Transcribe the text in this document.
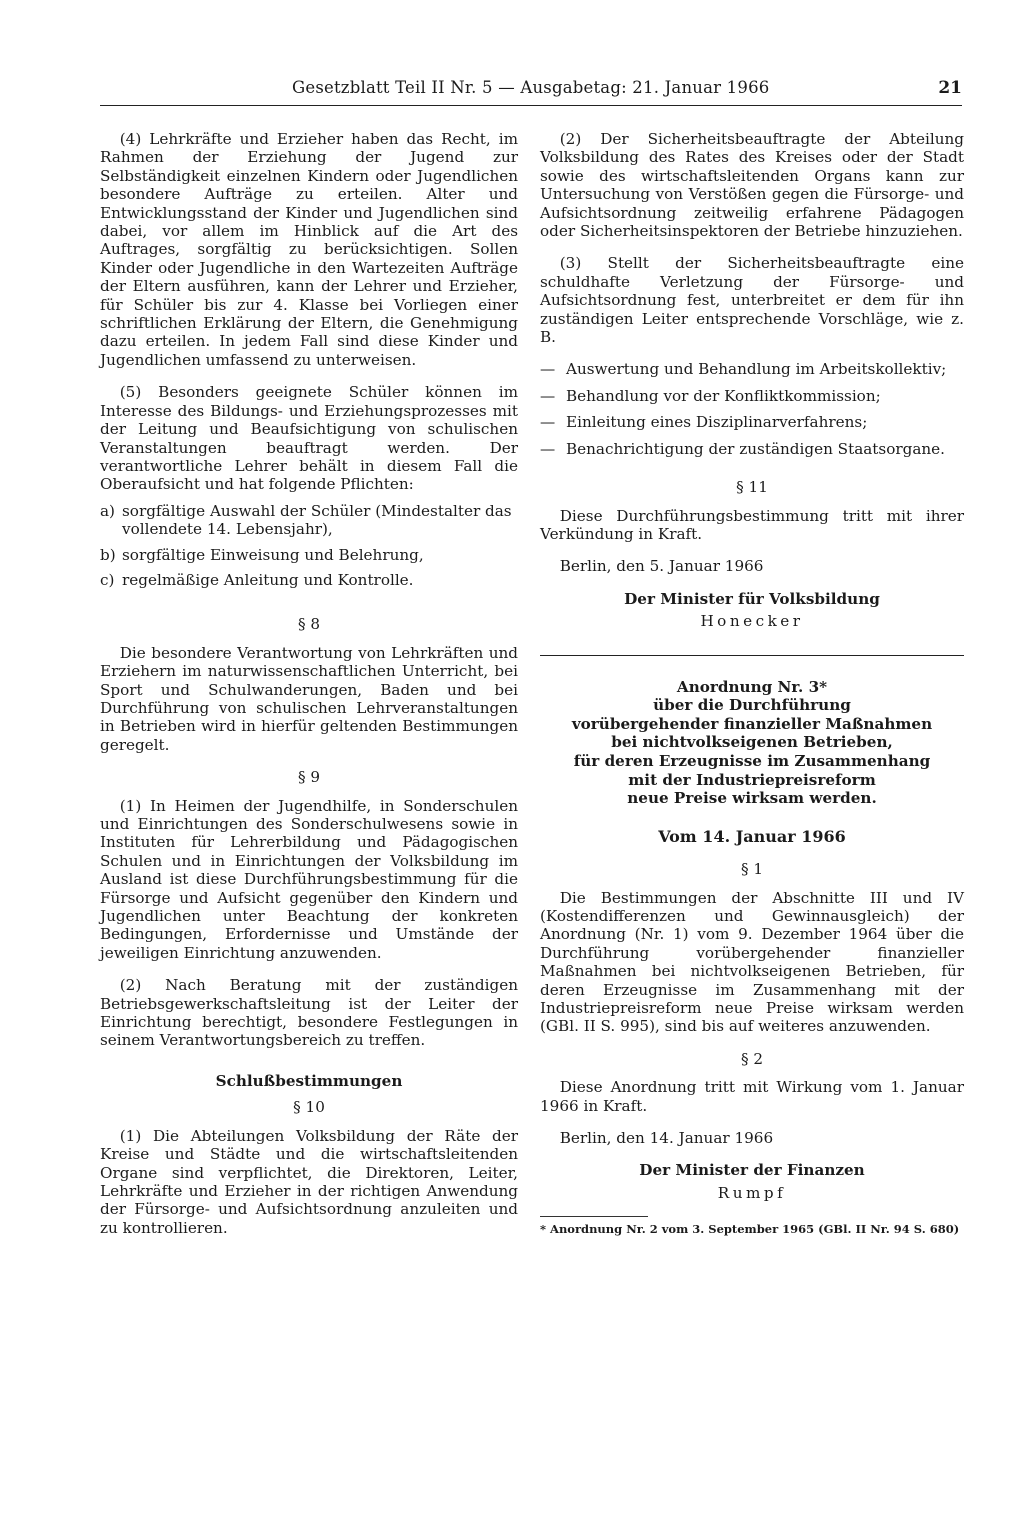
Gesetzblatt Teil II Nr. 5 — Ausgabetag: 21. Januar 1966	21

(4) Lehrkräfte und Erzieher haben das Recht, im Rahmen der Erziehung der Jugend zur Selbständigkeit einzelnen Kindern oder Jugendlichen besondere Aufträge zu erteilen. Alter und Entwicklungsstand der Kinder und Jugendlichen sind dabei, vor allem im Hinblick auf die Art des Auftrages, sorgfältig zu berücksichtigen. Sollen Kinder oder Jugendliche in den Wartezeiten Aufträge der Eltern ausführen, kann der Lehrer und Erzieher, für Schüler bis zur 4. Klasse bei Vorliegen einer schriftlichen Erklärung der Eltern, die Genehmigung dazu erteilen. In jedem Fall sind diese Kinder und Jugendlichen umfassend zu unterweisen.

(5) Besonders geeignete Schüler können im Interesse des Bildungs- und Erziehungsprozesses mit der Leitung und Beaufsichtigung von schulischen Veranstaltungen beauftragt werden. Der verantwortliche Lehrer behält in diesem Fall die Oberaufsicht und hat folgende Pflichten:

a) sorgfältige Auswahl der Schüler (Mindestalter das vollendete 14. Lebensjahr),
b) sorgfältige Einweisung und Belehrung,
c) regelmäßige Anleitung und Kontrolle.
§ 8

Die besondere Verantwortung von Lehrkräften und Erziehern im naturwissenschaftlichen Unterricht, bei Sport und Schulwanderungen, Baden und bei Durchführung von schulischen Lehrveranstaltungen in Betrieben wird in hierfür geltenden Bestimmungen geregelt.

§ 9

(1) In Heimen der Jugendhilfe, in Sonderschulen und Einrichtungen des Sonderschulwesens sowie in Instituten für Lehrerbildung und Pädagogischen Schulen und in Einrichtungen der Volksbildung im Ausland ist diese Durchführungsbestimmung für die Fürsorge und Aufsicht gegenüber den Kindern und Jugendlichen unter Beachtung der konkreten Bedingungen, Erfordernisse und Umstände der jeweiligen Einrichtung anzuwenden.

(2) Nach Beratung mit der zuständigen Betriebsgewerkschaftsleitung ist der Leiter der Einrichtung berechtigt, besondere Festlegungen in seinem Verantwortungsbereich zu treffen.

Schlußbestimmungen
§ 10

(1) Die Abteilungen Volksbildung der Räte der Kreise und Städte und die wirtschaftsleitenden Organe sind verpflichtet, die Direktoren, Leiter, Lehrkräfte und Erzieher in der richtigen Anwendung der Fürsorge- und Aufsichtsordnung anzuleiten und zu kontrollieren.

(2) Der Sicherheitsbeauftragte der Abteilung Volksbildung des Rates des Kreises oder der Stadt sowie des wirtschaftsleitenden Organs kann zur Untersuchung von Verstößen gegen die Fürsorge- und Aufsichtsordnung zeitweilig erfahrene Pädagogen oder Sicherheitsinspektoren der Betriebe hinzuziehen.

(3) Stellt der Sicherheitsbeauftragte eine schuldhafte Verletzung der Fürsorge- und Aufsichtsordnung fest, unterbreitet er dem für ihn zuständigen Leiter entsprechende Vorschläge, wie z. B.

— Auswertung und Behandlung im Arbeitskollektiv;
— Behandlung vor der Konfliktkommission;
— Einleitung eines Disziplinarverfahrens;
— Benachrichtigung der zuständigen Staatsorgane.
§ 11

Diese Durchführungsbestimmung tritt mit ihrer Verkündung in Kraft.

Berlin, den 5. Januar 1966

Der Minister für Volksbildung
Honecker
Anordnung Nr. 3*
über die Durchführung
vorübergehender finanzieller Maßnahmen
bei nichtvolkseigenen Betrieben,
für deren Erzeugnisse im Zusammenhang
mit der Industriepreisreform
neue Preise wirksam werden.
Vom 14. Januar 1966
§ 1

Die Bestimmungen der Abschnitte III und IV (Kostendifferenzen und Gewinnausgleich) der Anordnung (Nr. 1) vom 9. Dezember 1964 über die Durchführung vorübergehender finanzieller Maßnahmen bei nichtvolkseigenen Betrieben, für deren Erzeugnisse im Zusammenhang mit der Industriepreisreform neue Preise wirksam werden (GBl. II S. 995), sind bis auf weiteres anzuwenden.

§ 2

Diese Anordnung tritt mit Wirkung vom 1. Januar 1966 in Kraft.

Berlin, den 14. Januar 1966

Der Minister der Finanzen
Rumpf
* Anordnung Nr. 2 vom 3. September 1965 (GBl. II Nr. 94 S. 680)
